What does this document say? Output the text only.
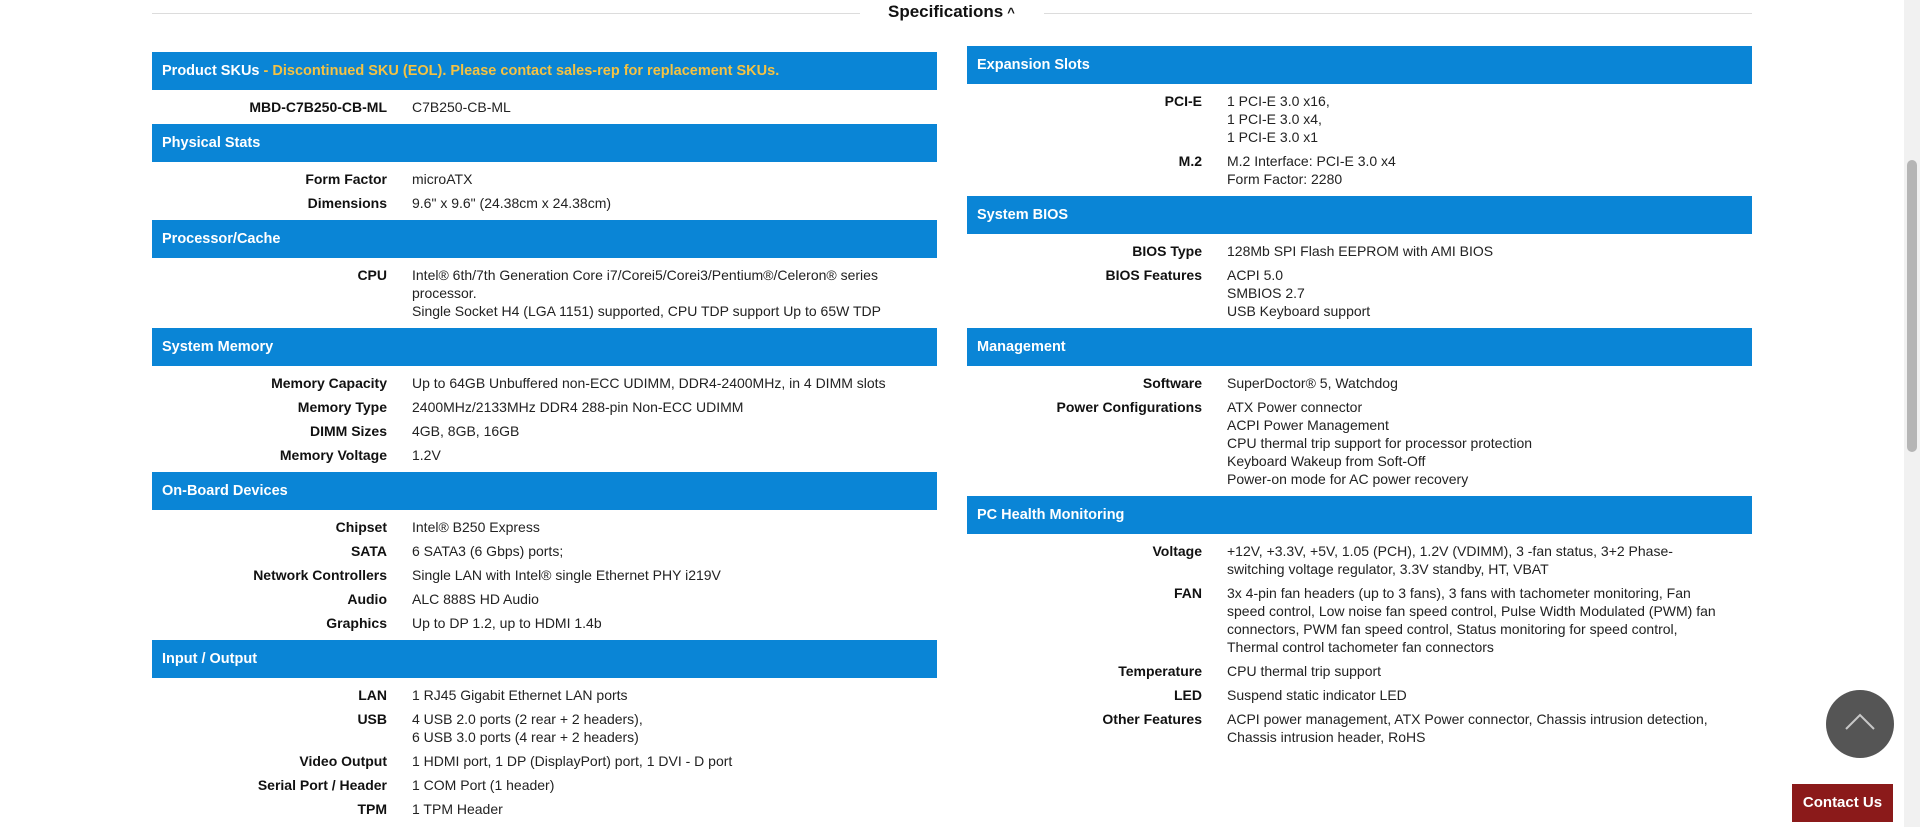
Specifications ^
Product SKUs - Discontinued SKU (EOL). Please contact sales-rep for replacement SKUs.
MBD-C7B250-CB-ML	C7B250-CB-ML
Physical Stats
Form Factor	microATX
Dimensions	9.6" x 9.6" (24.38cm x 24.38cm)
Processor/Cache
CPU	Intel® 6th/7th Generation Core i7/Corei5/Corei3/Pentium®/Celeron® series processor.
Single Socket H4 (LGA 1151) supported, CPU TDP support Up to 65W TDP
System Memory
Memory Capacity	Up to 64GB Unbuffered non-ECC UDIMM, DDR4-2400MHz, in 4 DIMM slots
Memory Type	2400MHz/2133MHz DDR4 288-pin Non-ECC UDIMM
DIMM Sizes	4GB, 8GB, 16GB
Memory Voltage	1.2V
On-Board Devices
Chipset	Intel® B250 Express
SATA	6 SATA3 (6 Gbps) ports;
Network Controllers	Single LAN with Intel® single Ethernet PHY i219V
Audio	ALC 888S HD Audio
Graphics	Up to DP 1.2, up to HDMI 1.4b
Input / Output
LAN	1 RJ45 Gigabit Ethernet LAN ports
USB	4 USB 2.0 ports (2 rear + 2 headers),
6 USB 3.0 ports (4 rear + 2 headers)
Video Output	1 HDMI port, 1 DP (DisplayPort) port, 1 DVI - D port
Serial Port / Header	1 COM Port (1 header)
TPM	1 TPM Header
Expansion Slots
PCI-E	1 PCI-E 3.0 x16,
1 PCI-E 3.0 x4,
1 PCI-E 3.0 x1
M.2	M.2 Interface: PCI-E 3.0 x4
Form Factor: 2280
System BIOS
BIOS Type	128Mb SPI Flash EEPROM with AMI BIOS
BIOS Features	ACPI 5.0
SMBIOS 2.7
USB Keyboard support
Management
Software	SuperDoctor® 5, Watchdog
Power Configurations	ATX Power connector
ACPI Power Management
CPU thermal trip support for processor protection
Keyboard Wakeup from Soft-Off
Power-on mode for AC power recovery
PC Health Monitoring
Voltage	+12V, +3.3V, +5V, 1.05 (PCH), 1.2V (VDIMM), 3 -fan status, 3+2 Phase-switching voltage regulator, 3.3V standby, HT, VBAT
FAN	3x 4-pin fan headers (up to 3 fans), 3 fans with tachometer monitoring, Fan speed control, Low noise fan speed control, Pulse Width Modulated (PWM) fan connectors, PWM fan speed control, Status monitoring for speed control, Thermal control tachometer fan connectors
Temperature	CPU thermal trip support
LED	Suspend static indicator LED
Other Features	ACPI power management, ATX Power connector, Chassis intrusion detection, Chassis intrusion header, RoHS
Contact Us
